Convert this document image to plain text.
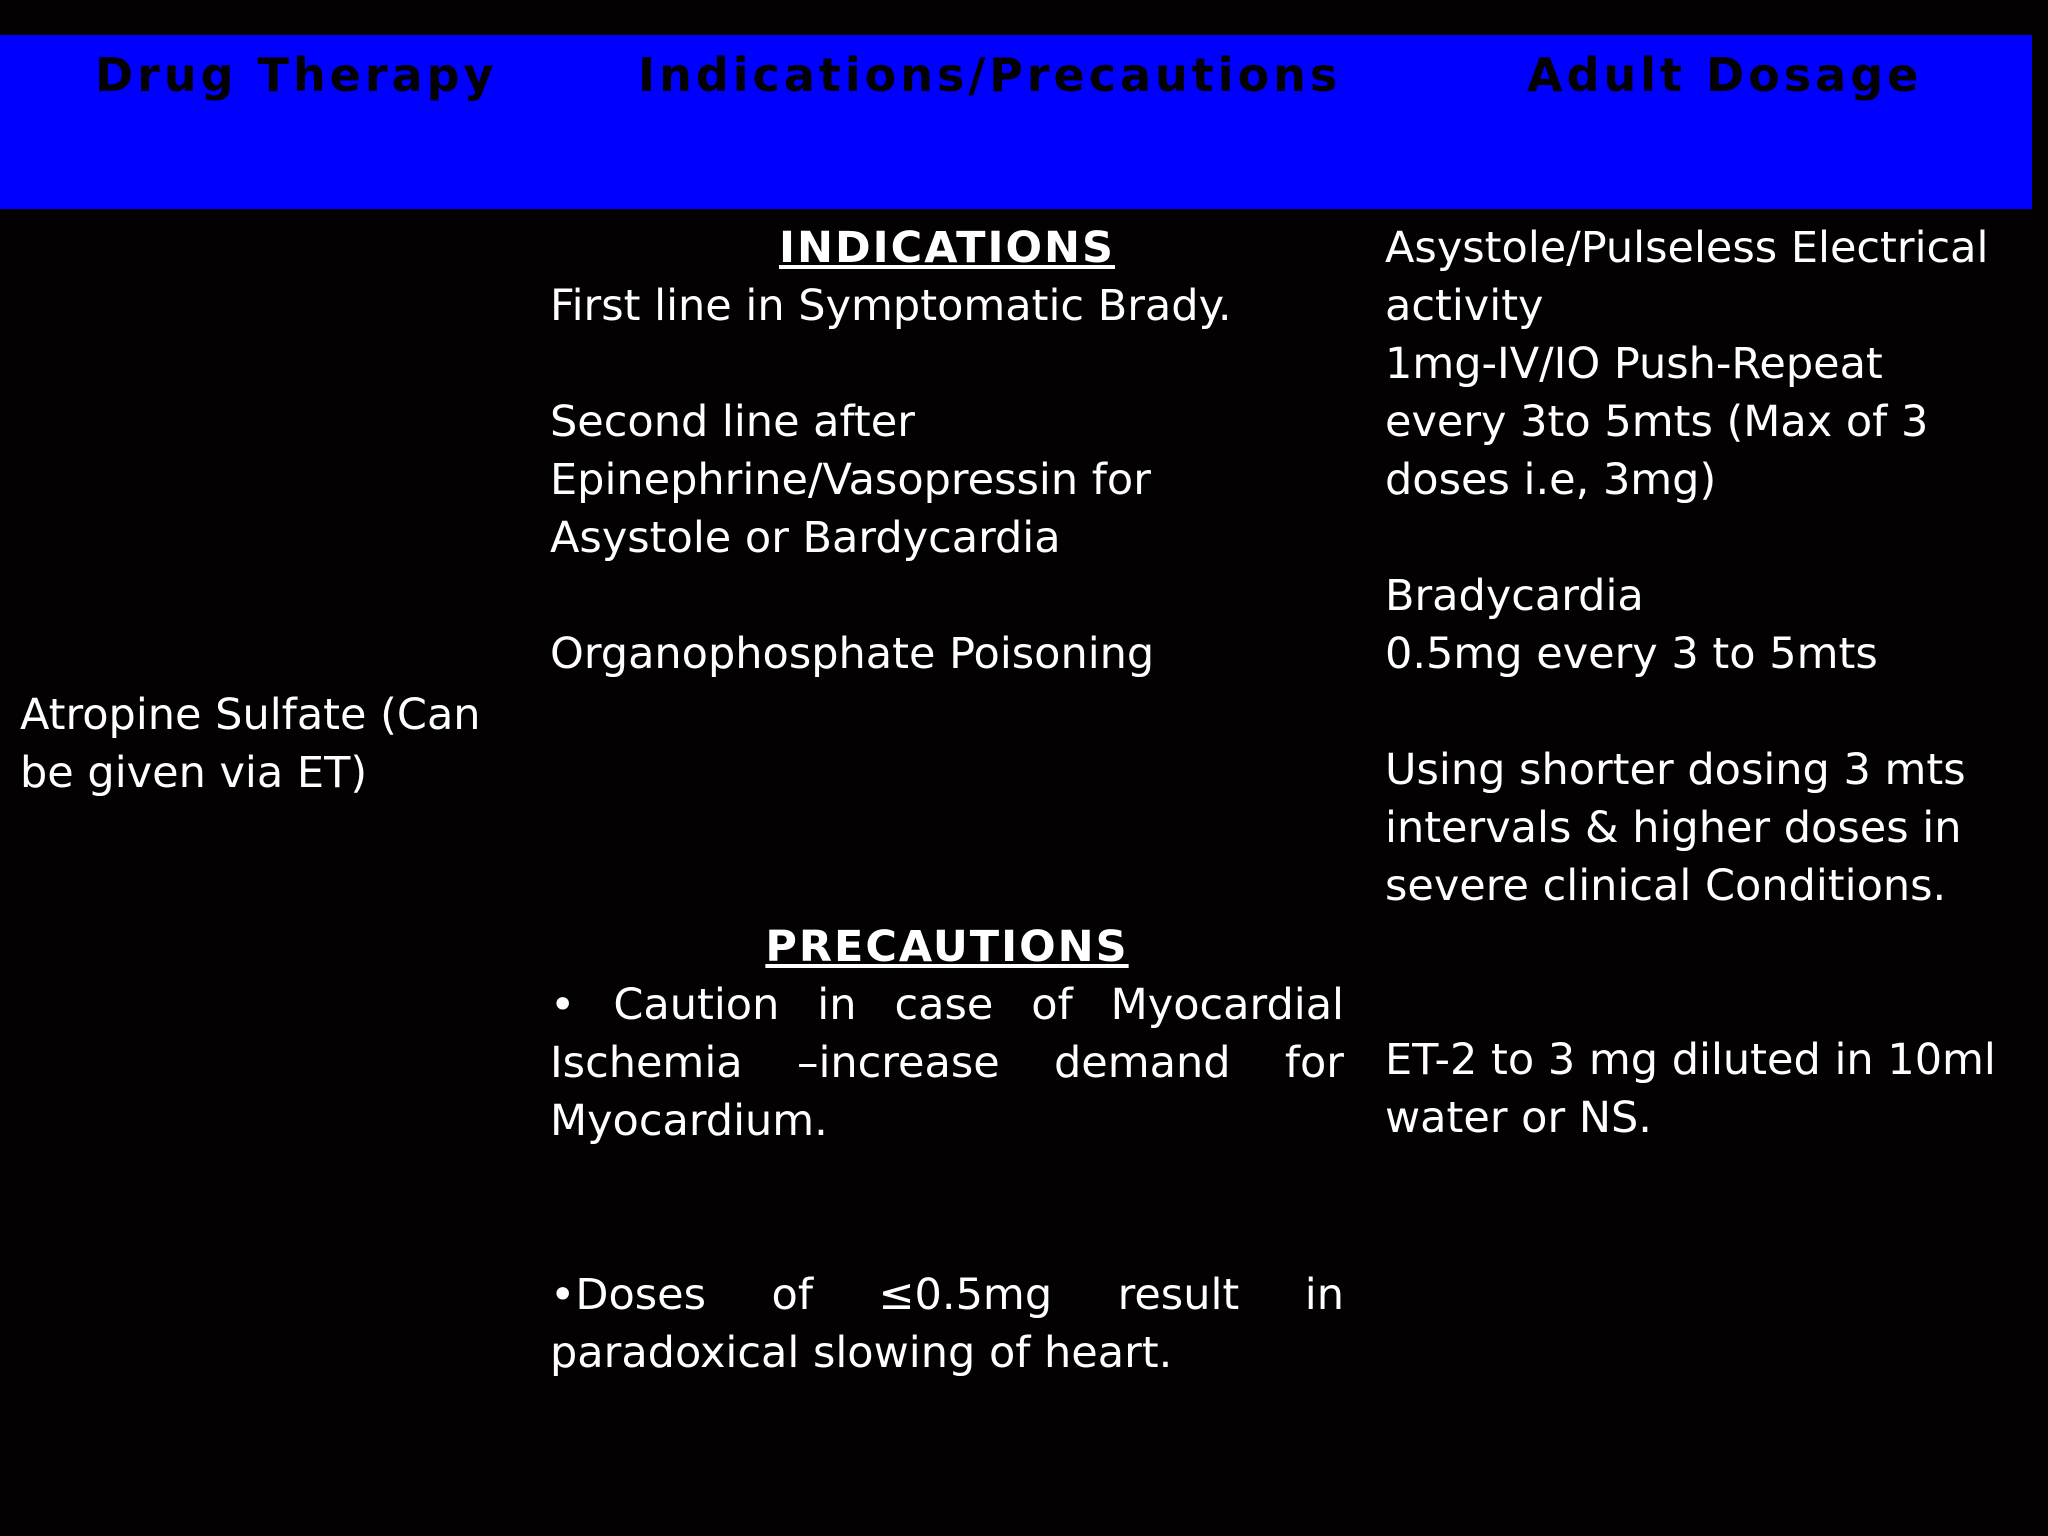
Drug Therapy	Indications/Precautions	Adult Dosage
Atropine Sulfate (Can
be given via ET)
INDICATIONS
First line in Symptomatic Brady.
Second line after
Epinephrine/Vasopressin for
Asystole or Bardycardia
Organophosphate Poisoning
PRECAUTIONS
• Caution in case of Myocardial
Ischemia –increase demand for
Myocardium.
•Doses of ≤0.5mg result in
paradoxical slowing of heart.
Asystole/Pulseless Electrical
activity
1mg-IV/IO Push-Repeat
every 3to 5mts (Max of 3
doses i.e, 3mg)
Bradycardia
0.5mg every 3 to 5mts
Using shorter dosing 3 mts
intervals & higher doses in
severe clinical Conditions.
ET-2 to 3 mg diluted in 10ml
water or NS.
